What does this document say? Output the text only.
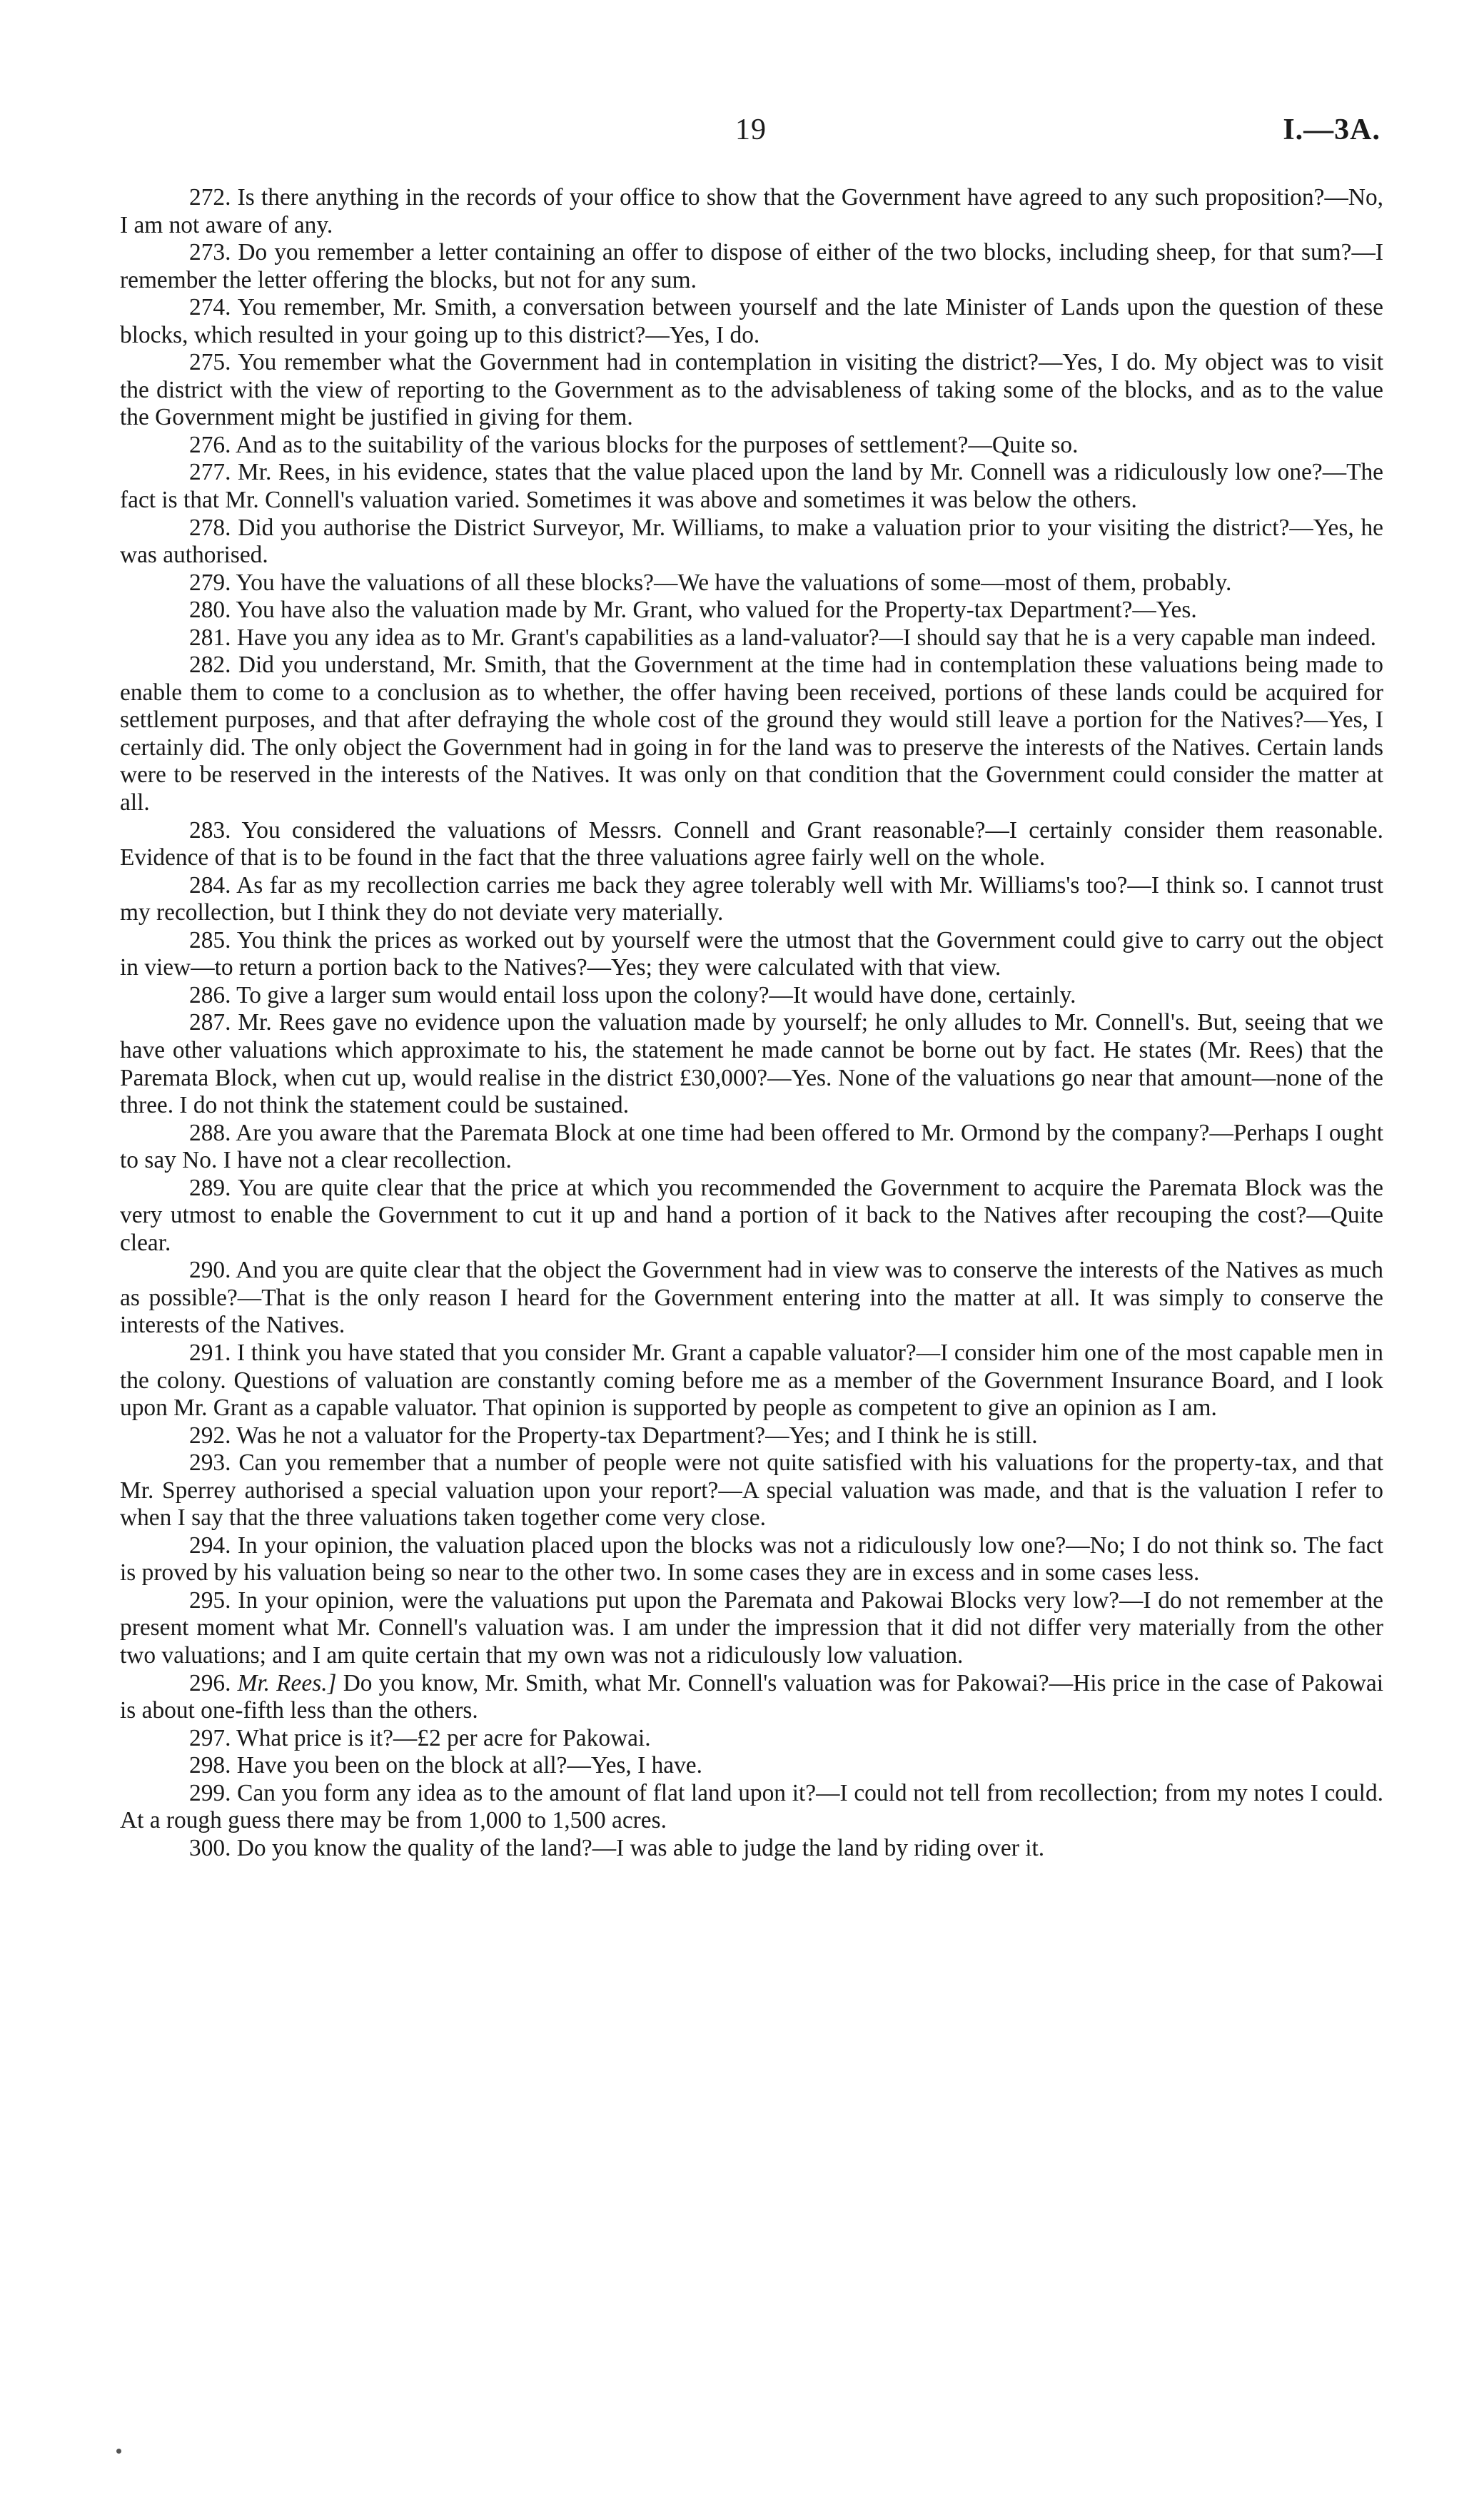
19	I.—3A.

272. Is there anything in the records of your office to show that the Government have agreed to any such proposition?—No, I am not aware of any.

273. Do you remember a letter containing an offer to dispose of either of the two blocks, including sheep, for that sum?—I remember the letter offering the blocks, but not for any sum.

274. You remember, Mr. Smith, a conversation between yourself and the late Minister of Lands upon the question of these blocks, which resulted in your going up to this district?—Yes, I do.

275. You remember what the Government had in contemplation in visiting the district?—Yes, I do. My object was to visit the district with the view of reporting to the Government as to the advisableness of taking some of the blocks, and as to the value the Government might be justified in giving for them.

276. And as to the suitability of the various blocks for the purposes of settlement?—Quite so.

277. Mr. Rees, in his evidence, states that the value placed upon the land by Mr. Connell was a ridiculously low one?—The fact is that Mr. Connell's valuation varied. Sometimes it was above and sometimes it was below the others.

278. Did you authorise the District Surveyor, Mr. Williams, to make a valuation prior to your visiting the district?—Yes, he was authorised.

279. You have the valuations of all these blocks?—We have the valuations of some—most of them, probably.

280. You have also the valuation made by Mr. Grant, who valued for the Property-tax Department?—Yes.

281. Have you any idea as to Mr. Grant's capabilities as a land-valuator?—I should say that he is a very capable man indeed.

282. Did you understand, Mr. Smith, that the Government at the time had in contemplation these valuations being made to enable them to come to a conclusion as to whether, the offer having been received, portions of these lands could be acquired for settlement purposes, and that after defraying the whole cost of the ground they would still leave a portion for the Natives?—Yes, I certainly did. The only object the Government had in going in for the land was to preserve the interests of the Natives. Certain lands were to be reserved in the interests of the Natives. It was only on that condition that the Government could consider the matter at all.

283. You considered the valuations of Messrs. Connell and Grant reasonable?—I certainly consider them reasonable. Evidence of that is to be found in the fact that the three valuations agree fairly well on the whole.

284. As far as my recollection carries me back they agree tolerably well with Mr. Williams's too?—I think so. I cannot trust my recollection, but I think they do not deviate very materially.

285. You think the prices as worked out by yourself were the utmost that the Government could give to carry out the object in view—to return a portion back to the Natives?—Yes; they were calculated with that view.

286. To give a larger sum would entail loss upon the colony?—It would have done, certainly.

287. Mr. Rees gave no evidence upon the valuation made by yourself; he only alludes to Mr. Connell's. But, seeing that we have other valuations which approximate to his, the statement he made cannot be borne out by fact. He states (Mr. Rees) that the Paremata Block, when cut up, would realise in the district £30,000?—Yes. None of the valuations go near that amount—none of the three. I do not think the statement could be sustained.

288. Are you aware that the Paremata Block at one time had been offered to Mr. Ormond by the company?—Perhaps I ought to say No. I have not a clear recollection.

289. You are quite clear that the price at which you recommended the Government to acquire the Paremata Block was the very utmost to enable the Government to cut it up and hand a portion of it back to the Natives after recouping the cost?—Quite clear.

290. And you are quite clear that the object the Government had in view was to conserve the interests of the Natives as much as possible?—That is the only reason I heard for the Government entering into the matter at all. It was simply to conserve the interests of the Natives.

291. I think you have stated that you consider Mr. Grant a capable valuator?—I consider him one of the most capable men in the colony. Questions of valuation are constantly coming before me as a member of the Government Insurance Board, and I look upon Mr. Grant as a capable valuator. That opinion is supported by people as competent to give an opinion as I am.

292. Was he not a valuator for the Property-tax Department?—Yes; and I think he is still.

293. Can you remember that a number of people were not quite satisfied with his valuations for the property-tax, and that Mr. Sperrey authorised a special valuation upon your report?—A special valuation was made, and that is the valuation I refer to when I say that the three valuations taken together come very close.

294. In your opinion, the valuation placed upon the blocks was not a ridiculously low one?—No; I do not think so. The fact is proved by his valuation being so near to the other two. In some cases they are in excess and in some cases less.

295. In your opinion, were the valuations put upon the Paremata and Pakowai Blocks very low?—I do not remember at the present moment what Mr. Connell's valuation was. I am under the impression that it did not differ very materially from the other two valuations; and I am quite certain that my own was not a ridiculously low valuation.

296. Mr. Rees.] Do you know, Mr. Smith, what Mr. Connell's valuation was for Pakowai?—His price in the case of Pakowai is about one-fifth less than the others.

297. What price is it?—£2 per acre for Pakowai.

298. Have you been on the block at all?—Yes, I have.

299. Can you form any idea as to the amount of flat land upon it?—I could not tell from recollection; from my notes I could. At a rough guess there may be from 1,000 to 1,500 acres.

300. Do you know the quality of the land?—I was able to judge the land by riding over it.
